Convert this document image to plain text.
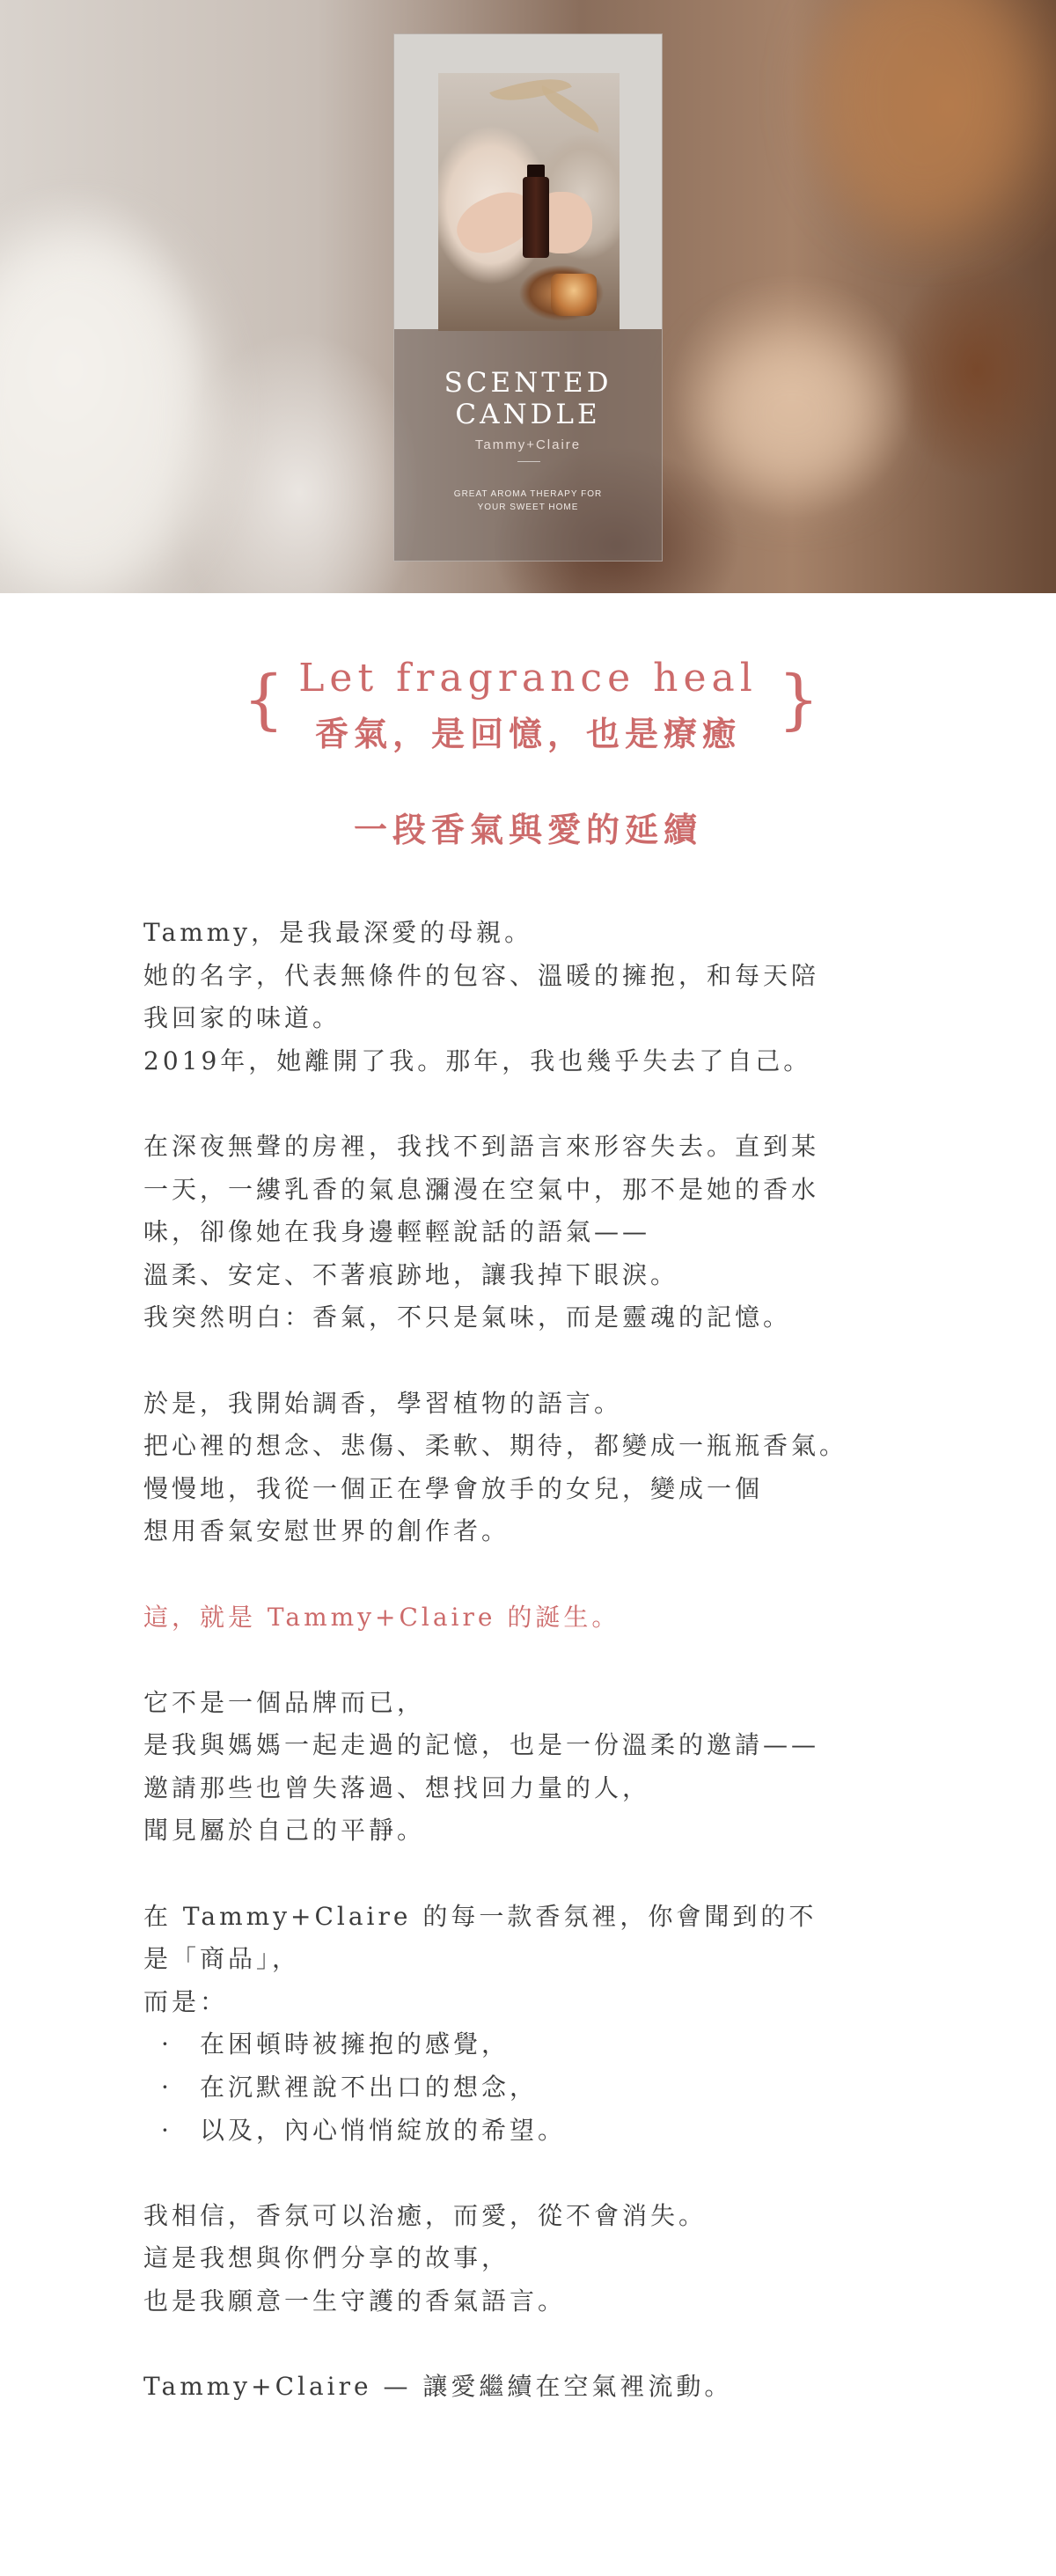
SCENTED
CANDLE
Tammy+Claire
GREAT AROMA THERAPY FOR
YOUR SWEET HOME
{ Let fragrance heal
香氣，是回憶，也是療癒 }
一段香氣與愛的延續

Tammy，是我最深愛的母親。

她的名字，代表無條件的包容、溫暖的擁抱，和每天陪

我回家的味道。

2019年，她離開了我。那年，我也幾乎失去了自己。

在深夜無聲的房裡，我找不到語言來形容失去。直到某

一天，一縷乳香的氣息瀰漫在空氣中，那不是她的香水

味，卻像她在我身邊輕輕說話的語氣——

溫柔、安定、不著痕跡地，讓我掉下眼淚。

我突然明白：香氣，不只是氣味，而是靈魂的記憶。

於是，我開始調香，學習植物的語言。

把心裡的想念、悲傷、柔軟、期待，都變成一瓶瓶香氣。

慢慢地，我從一個正在學會放手的女兒，變成一個

想用香氣安慰世界的創作者。

這，就是 Tammy+Claire 的誕生。

它不是一個品牌而已，

是我與媽媽一起走過的記憶，也是一份溫柔的邀請——

邀請那些也曾失落過、想找回力量的人，

聞見屬於自己的平靜。

在 Tammy+Claire 的每一款香氛裡，你會聞到的不

是「商品」，

而是：

· 在困頓時被擁抱的感覺，

· 在沉默裡說不出口的想念，

· 以及，內心悄悄綻放的希望。

我相信，香氛可以治癒，而愛，從不會消失。

這是我想與你們分享的故事，

也是我願意一生守護的香氣語言。

Tammy+Claire — 讓愛繼續在空氣裡流動。
